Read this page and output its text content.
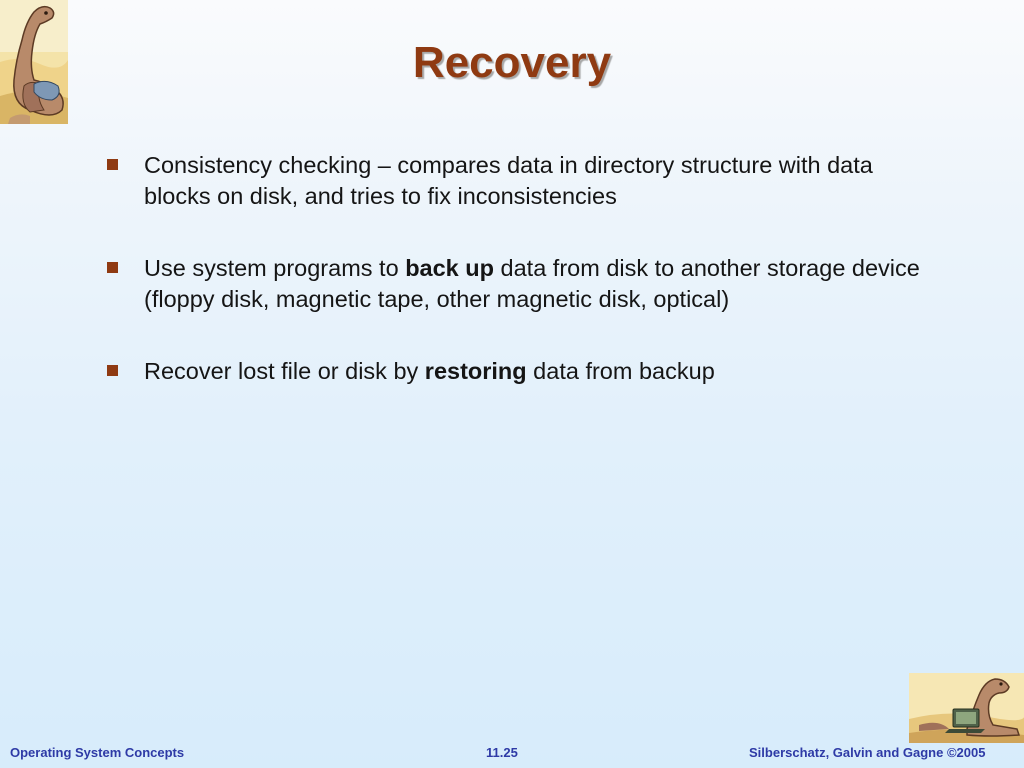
Recovery
Consistency checking – compares data in directory structure with data blocks on disk, and tries to fix inconsistencies
Use system programs to back up data from disk to another storage device (floppy disk, magnetic tape, other magnetic disk, optical)
Recover lost file or disk by restoring data from backup
Operating System Concepts	11.25	Silberschatz, Galvin and Gagne ©2005
